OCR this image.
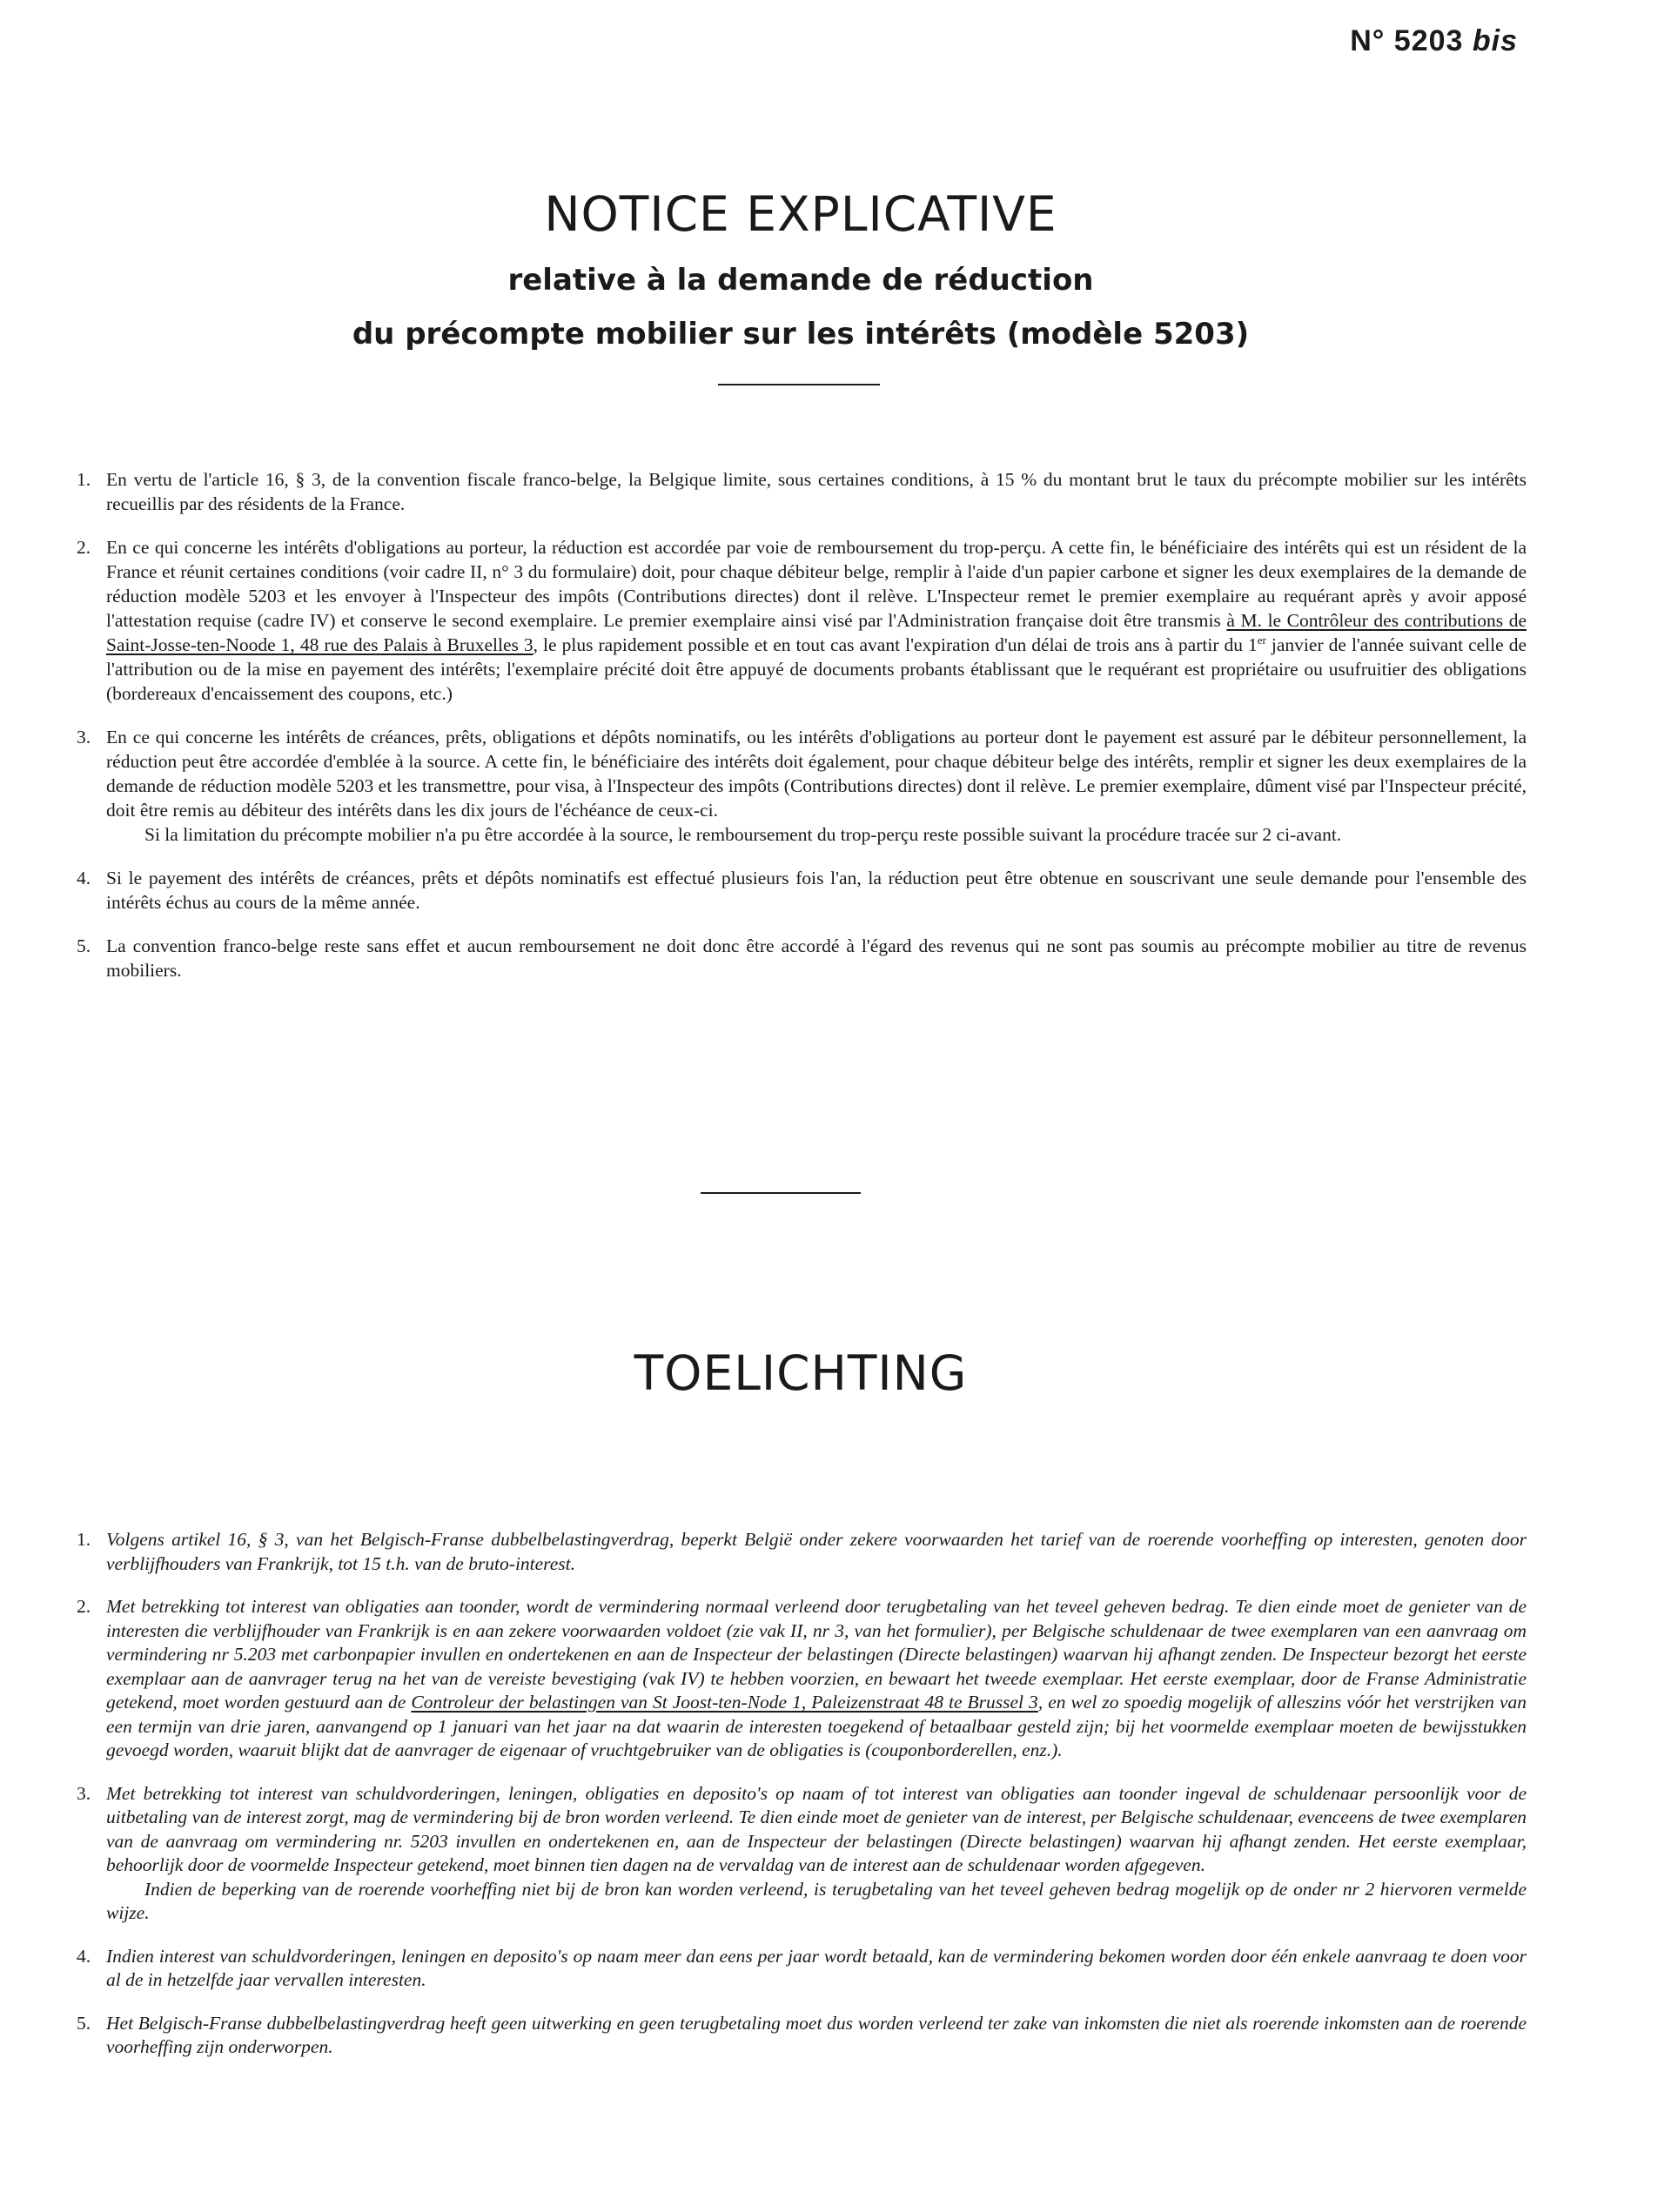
N° 5203 bis
NOTICE EXPLICATIVE
relative à la demande de réduction
du précompte mobilier sur les intérêts (modèle 5203)
1. En vertu de l'article 16, § 3, de la convention fiscale franco-belge, la Belgique limite, sous certaines conditions, à 15 % du montant brut le taux du précompte mobilier sur les intérêts recueillis par des résidents de la France.

2. En ce qui concerne les intérêts d'obligations au porteur, la réduction est accordée par voie de remboursement du trop-perçu. A cette fin, le bénéficiaire des intérêts qui est un résident de la France et réunit certaines conditions (voir cadre II, n° 3 du formulaire) doit, pour chaque débiteur belge, remplir à l'aide d'un papier carbone et signer les deux exemplaires de la demande de réduction modèle 5203 et les envoyer à l'Inspecteur des impôts (Contributions directes) dont il relève. L'Inspecteur remet le premier exemplaire au requérant après y avoir apposé l'attestation requise (cadre IV) et conserve le second exemplaire. Le premier exemplaire ainsi visé par l'Administration française doit être transmis à M. le Contrôleur des contributions de Saint-Josse-ten-Noode 1, 48 rue des Palais à Bruxelles 3, le plus rapidement possible et en tout cas avant l'expiration d'un délai de trois ans à partir du 1er janvier de l'année suivant celle de l'attribution ou de la mise en payement des intérêts; l'exemplaire précité doit être appuyé de documents probants établissant que le requérant est propriétaire ou usufruitier des obligations (bordereaux d'encaissement des coupons, etc.)

3. En ce qui concerne les intérêts de créances, prêts, obligations et dépôts nominatifs, ou les intérêts d'obligations au porteur dont le payement est assuré par le débiteur personnellement, la réduction peut être accordée d'emblée à la source. A cette fin, le bénéficiaire des intérêts doit également, pour chaque débiteur belge des intérêts, remplir et signer les deux exemplaires de la demande de réduction modèle 5203 et les transmettre, pour visa, à l'Inspecteur des impôts (Contributions directes) dont il relève. Le premier exemplaire, dûment visé par l'Inspecteur précité, doit être remis au débiteur des intérêts dans les dix jours de l'échéance de ceux-ci.

Si la limitation du précompte mobilier n'a pu être accordée à la source, le remboursement du trop-perçu reste possible suivant la procédure tracée sur 2 ci-avant.

4. Si le payement des intérêts de créances, prêts et dépôts nominatifs est effectué plusieurs fois l'an, la réduction peut être obtenue en souscrivant une seule demande pour l'ensemble des intérêts échus au cours de la même année.

5. La convention franco-belge reste sans effet et aucun remboursement ne doit donc être accordé à l'égard des revenus qui ne sont pas soumis au précompte mobilier au titre de revenus mobiliers.

TOELICHTING
1. Volgens artikel 16, § 3, van het Belgisch-Franse dubbelbelastingverdrag, beperkt België onder zekere voorwaarden het tarief van de roerende voorheffing op interesten, genoten door verblijfhouders van Frankrijk, tot 15 t.h. van de bruto-interest.

2. Met betrekking tot interest van obligaties aan toonder, wordt de vermindering normaal verleend door terugbetaling van het teveel geheven bedrag. Te dien einde moet de genieter van de interesten die verblijfhouder van Frankrijk is en aan zekere voorwaarden voldoet (zie vak II, nr 3, van het formulier), per Belgische schuldenaar de twee exemplaren van een aanvraag om vermindering nr 5.203 met carbonpapier invullen en ondertekenen en aan de Inspecteur der belastingen (Directe belastingen) waarvan hij afhangt zenden. De Inspecteur bezorgt het eerste exemplaar aan de aanvrager terug na het van de vereiste bevestiging (vak IV) te hebben voorzien, en bewaart het tweede exemplaar. Het eerste exemplaar, door de Franse Administratie getekend, moet worden gestuurd aan de Controleur der belastingen van St Joost-ten-Node 1, Paleizenstraat 48 te Brussel 3, en wel zo spoedig mogelijk of alleszins vóór het verstrijken van een termijn van drie jaren, aanvangend op 1 januari van het jaar na dat waarin de interesten toegekend of betaalbaar gesteld zijn; bij het voormelde exemplaar moeten de bewijsstukken gevoegd worden, waaruit blijkt dat de aanvrager de eigenaar of vruchtgebruiker van de obligaties is (couponborderellen, enz.).

3. Met betrekking tot interest van schuldvorderingen, leningen, obligaties en deposito's op naam of tot interest van obligaties aan toonder ingeval de schuldenaar persoonlijk voor de uitbetaling van de interest zorgt, mag de vermindering bij de bron worden verleend. Te dien einde moet de genieter van de interest, per Belgische schuldenaar, evenceens de twee exemplaren van de aanvraag om vermindering nr. 5203 invullen en ondertekenen en, aan de Inspecteur der belastingen (Directe belastingen) waarvan hij afhangt zenden. Het eerste exemplaar, behoorlijk door de voormelde Inspecteur getekend, moet binnen tien dagen na de vervaldag van de interest aan de schuldenaar worden afgegeven.

Indien de beperking van de roerende voorheffing niet bij de bron kan worden verleend, is terugbetaling van het teveel geheven bedrag mogelijk op de onder nr 2 hiervoren vermelde wijze.

4. Indien interest van schuldvorderingen, leningen en deposito's op naam meer dan eens per jaar wordt betaald, kan de vermindering bekomen worden door één enkele aanvraag te doen voor al de in hetzelfde jaar vervallen interesten.

5. Het Belgisch-Franse dubbelbelastingverdrag heeft geen uitwerking en geen terugbetaling moet dus worden verleend ter zake van inkomsten die niet als roerende inkomsten aan de roerende voorheffing zijn onderworpen.
